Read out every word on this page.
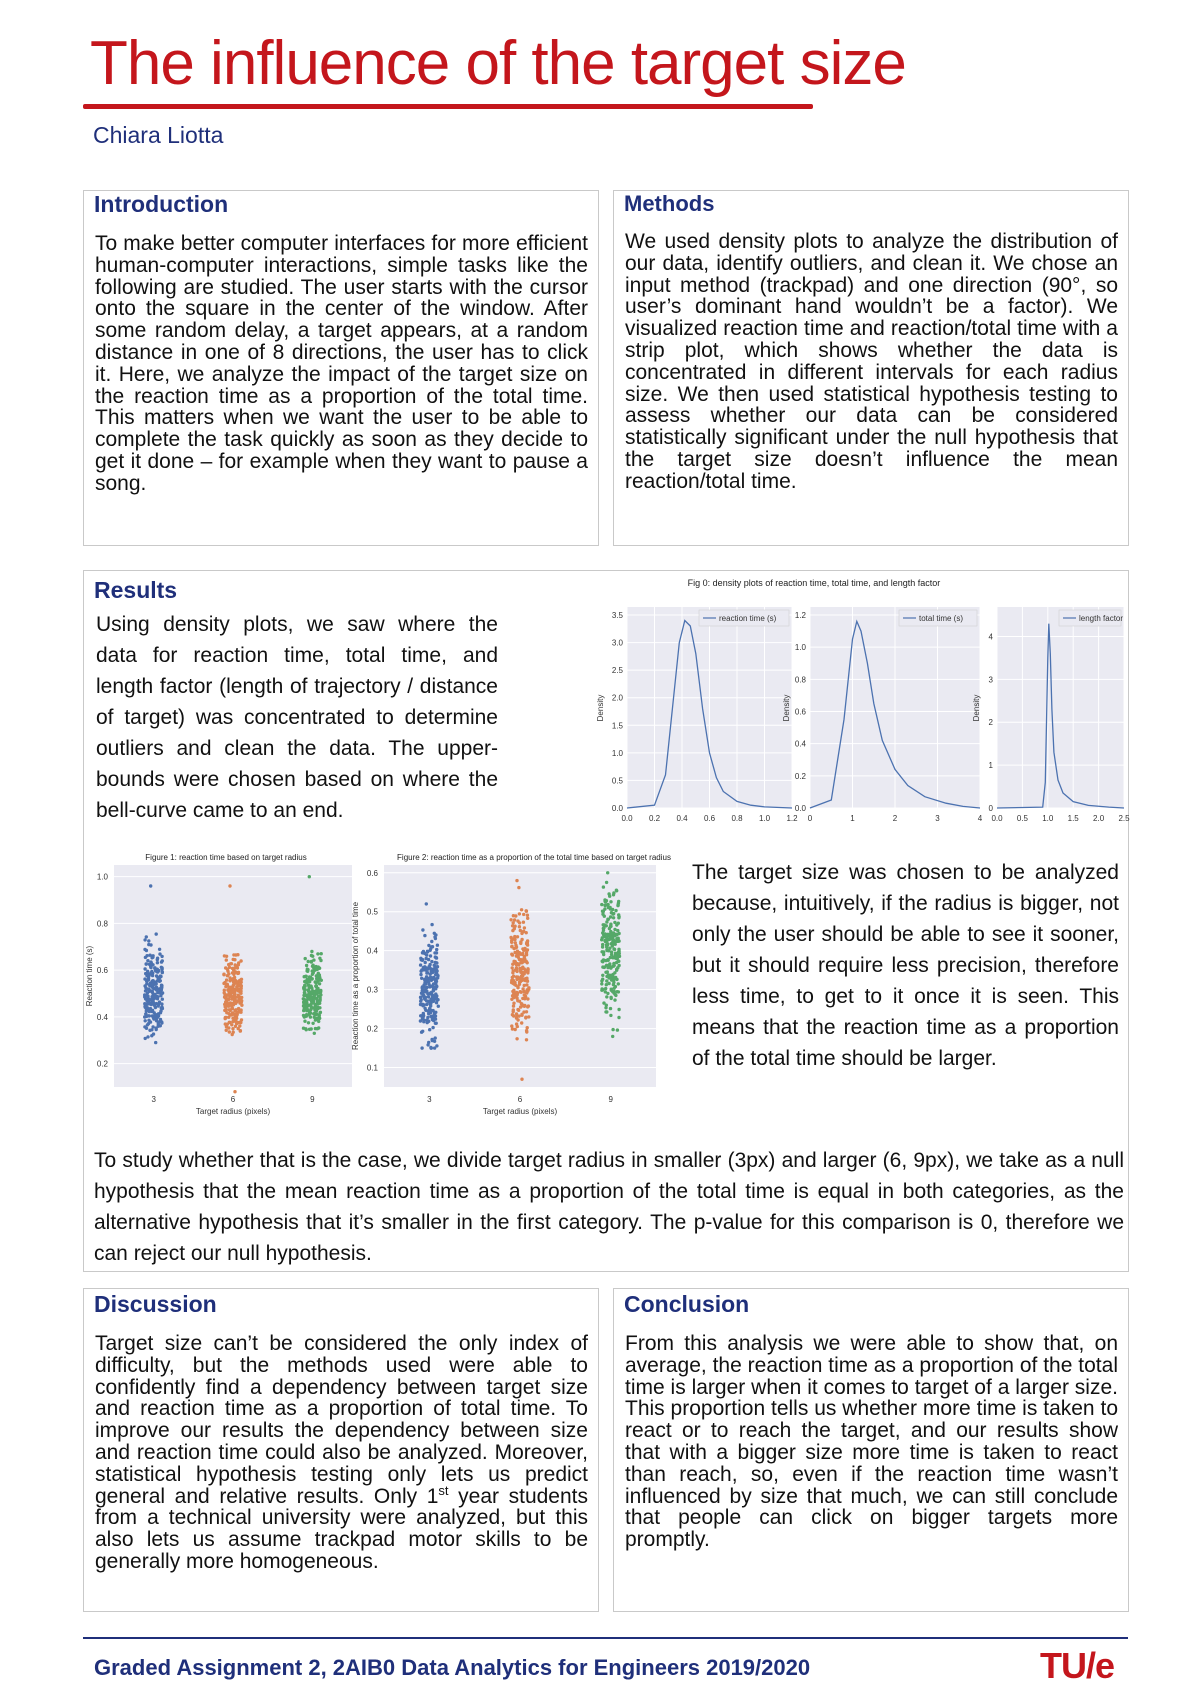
The influence of the target size
Chiara Liotta
Introduction
To make better computer interfaces for more efficient human-computer interactions, simple tasks like the following are studied. The user starts with the cursor onto the square in the center of the window. After some random delay, a target appears, at a random distance in one of 8 directions, the user has to click it. Here, we analyze the impact of the target size on the reaction time as a proportion of the total time. This matters when we want the user to be able to complete the task quickly as soon as they decide to get it done – for example when they want to pause a song.
Methods
We used density plots to analyze the distribution of our data, identify outliers, and clean it. We chose an input method (trackpad) and one direction (90°, so user’s dominant hand wouldn’t be a factor). We visualized reaction time and reaction/total time with a strip plot, which shows whether the data is concentrated in different intervals for each radius size. We then used statistical hypothesis testing to assess whether our data can be considered statistically significant under the null hypothesis that the target size doesn’t influence the mean reaction/total time.
Results
Using density plots, we saw where the data for reaction time, total time, and length factor (length of trajectory / distance of target) was concentrated to determine outliers and clean the data. The upper-bounds were chosen based on where the bell-curve came to an end.
The target size was chosen to be analyzed because, intuitively, if the radius is bigger, not only the user should be able to see it sooner, but it should require less precision, therefore less time, to get to it once it is seen. This means that the reaction time as a proportion of the total time should be larger.
To study whether that is the case, we divide target radius in smaller (3px) and larger (6, 9px), we take as a null hypothesis that the mean reaction time as a proportion of the total time is equal in both categories, as the alternative hypothesis that it’s smaller in the first category. The p-value for this comparison is 0, therefore we can reject our null hypothesis.
Fig 0: density plots of reaction time, total time, and length factor
0.0
0.5
1.0
1.5
2.0
2.5
3.0
3.5
0.0 0.2 0.4 0.6 0.8 1.0 1.2
Density
reaction time (s)
0.0
0.2
0.4
0.6
0.8
1.0
1.2
0	1	2	3	4
Density
total time (s)
0
1
2
3
4
0.0 0.5 1.0 1.5 2.0 2.5
Density
length factor
Figure 1: reaction time based on target radius
0.2
0.4
0.6
0.8
1.0
3	6	9
Target radius (pixels)
Reaction time (s)
Figure 2: reaction time as a proportion of the total time based on target radius
0.1
0.2
0.3
0.4
0.5
0.6
3	6	9
Target radius (pixels)
Reaction time as a proportion of total time
Discussion
Target size can’t be considered the only index of difficulty, but the methods used were able to confidently find a dependency between target size and reaction time as a proportion of total time. To improve our results the dependency between size and reaction time could also be analyzed. Moreover, statistical hypothesis testing only lets us predict general and relative results. Only 1st year students from a technical university were analyzed, but this also lets us assume trackpad motor skills to be generally more homogeneous.
Conclusion
From this analysis we were able to show that, on average, the reaction time as a proportion of the total time is larger when it comes to target of a larger size. This proportion tells us whether more time is taken to react or to reach the target, and our results show that with a bigger size more time is taken to react than reach, so, even if the reaction time wasn’t influenced by size that much, we can still conclude that people can click on bigger targets more promptly.
Graded Assignment 2, 2AIB0 Data Analytics for Engineers 2019/2020	TU/e
